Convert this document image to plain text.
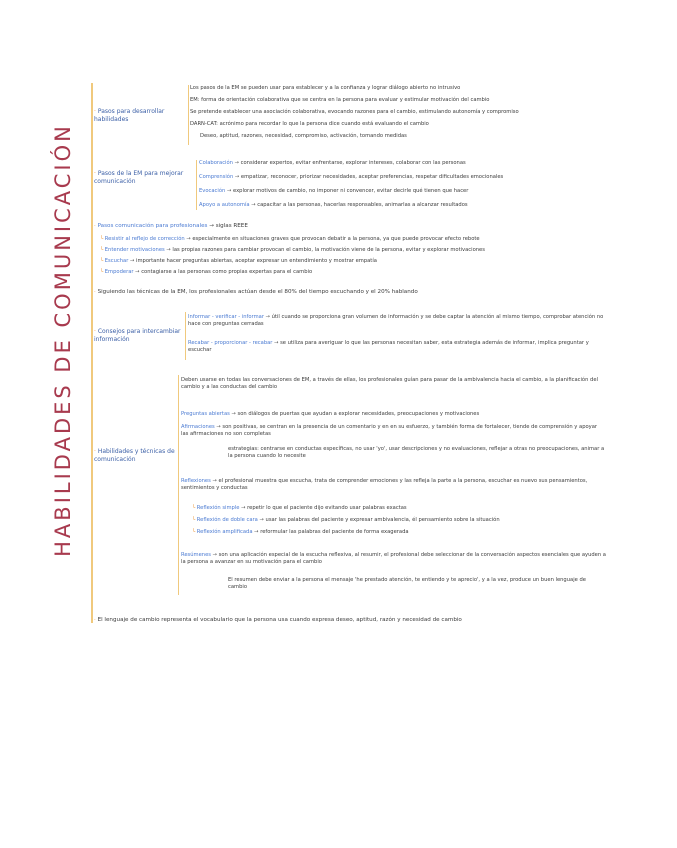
HABILIDADES DE COMUNICACIÓN
· Pasos para desarrollar habilidades
Los pasos de la EM se pueden usar para establecer y a la confianza y lograr diálogo abierto no intrusivo
EM: forma de orientación colaborativa que se centra en la persona para evaluar y estimular motivación del cambio
Se pretende establecer una asociación colaborativa, evocando razones para el cambio, estimulando autonomía y compromiso
DARN-CAT: acrónimo para recordar lo que la persona dice cuando está evaluando el cambio
Deseo, aptitud, razones, necesidad, compromiso, activación, tomando medidas
· Pasos de la EM para mejorar comunicación
Colaboración → considerar expertos, evitar enfrentarse, explorar intereses, colaborar con las personas
Comprensión → empatizar, reconocer, priorizar necesidades, aceptar preferencias, respetar dificultades emocionales
Evocación → explorar motivos de cambio, no imponer ni convencer, evitar decirle qué tienen que hacer
Apoyo a autonomía → capacitar a las personas, hacerlas responsables, animarlas a alcanzar resultados
· Pasos comunicación para profesionales → siglas REEE
└ Resistir al reflejo de corrección → especialmente en situaciones graves que provocan debatir a la persona, ya que puede provocar efecto rebote
└ Entender motivaciones → las propias razones para cambiar provocan el cambio, la motivación viene de la persona, evitar y explorar motivaciones
└ Escuchar → importante hacer preguntas abiertas, aceptar expresar un entendimiento y mostrar empatía
└ Empoderar → contagiarse a las personas como propias expertas para el cambio
· Siguiendo las técnicas de la EM, los profesionales actúan desde el 80% del tiempo escuchando y el 20% hablando
· Consejos para intercambiar información
Informar - verificar - informar → útil cuando se proporciona gran volumen de información y se debe captar la atención al mismo tiempo, comprobar atención no hace con preguntas cerradas
Recabar - proporcionar - recabar → se utiliza para averiguar lo que las personas necesitan saber, esta estrategia además de informar, implica preguntar y escuchar
· Habilidades y técnicas de comunicación
Deben usarse en todas las conversaciones de EM, a través de ellas, los profesionales guían para pasar de la ambivalencia hacia el cambio, a la planificación del cambio y a las conductas del cambio
Preguntas abiertas → son diálogos de puertas que ayudan a explorar necesidades, preocupaciones y motivaciones
Afirmaciones → son positivas, se centran en la presencia de un comentario y en en su esfuerzo, y también forma de fortalecer, tiende de comprensión y apoyar las afirmaciones no son completas
estrategias: centrarse en conductas específicas, no usar 'yo', usar descripciones y no evaluaciones, reflejar a otras no preocupaciones, animar a la persona cuando lo necesite
Reflexiones → el profesional muestra que escucha, trata de comprender emociones y las refleja la parte a la persona, escuchar es nuevo sus pensamientos, sentimientos y conductas
└ Reflexión simple → repetir lo que el paciente dijo evitando usar palabras exactas
└ Reflexión de doble cara → usar las palabras del paciente y expresar ambivalencia, él pensamiento sobre la situación
└ Reflexión amplificada → reformular las palabras del paciente de forma exagerada
Resúmenes → son una aplicación especial de la escucha reflexiva, al resumir, el profesional debe seleccionar de la conversación aspectos esenciales que ayuden a la persona a avanzar en su motivación para el cambio
El resumen debe enviar a la persona el mensaje 'he prestado atención, te entiendo y te aprecio', y a la vez, produce un buen lenguaje de cambio
· El lenguaje de cambio representa el vocabulario que la persona usa cuando expresa deseo, aptitud, razón y necesidad de cambio
